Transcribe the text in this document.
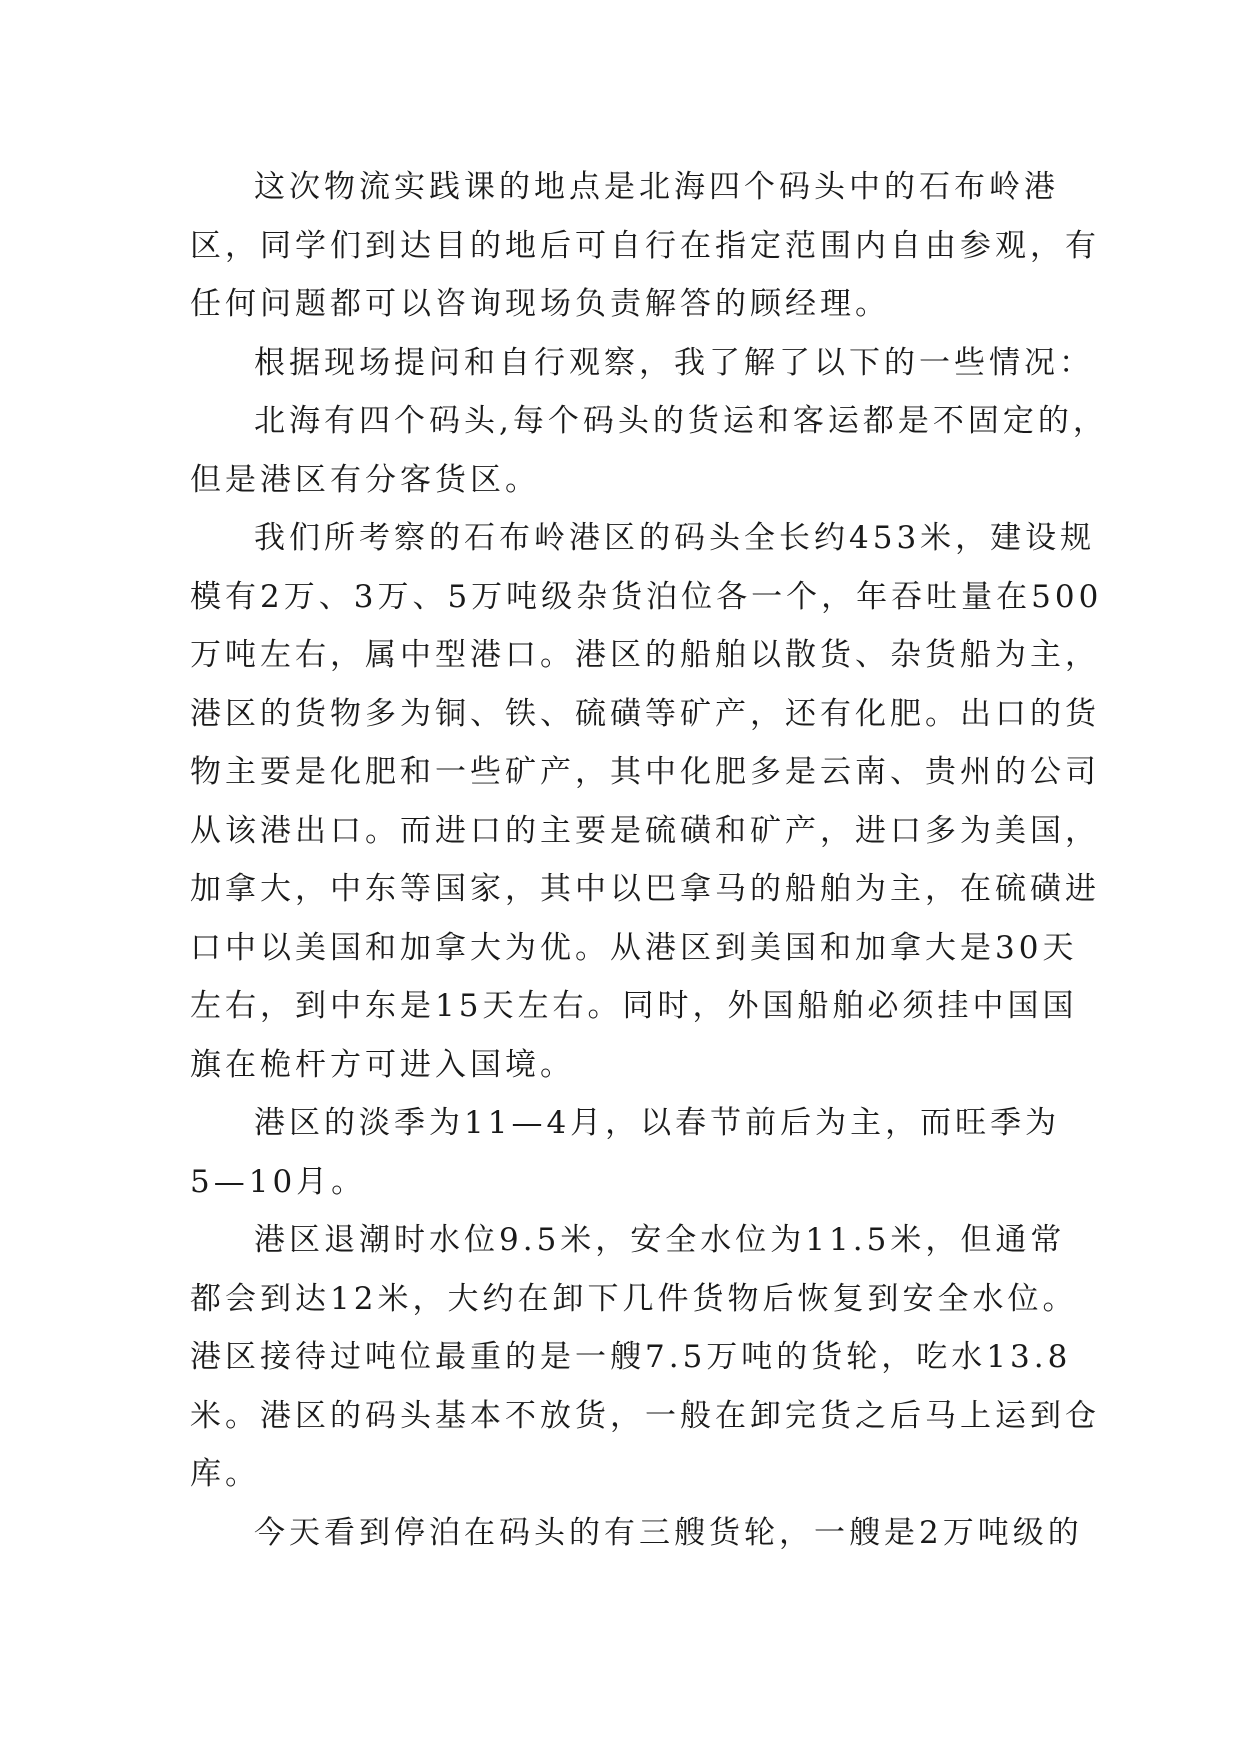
这次物流实践课的地点是北海四个码头中的石布岭港
区，同学们到达目的地后可自行在指定范围内自由参观，有
任何问题都可以咨询现场负责解答的顾经理。

根据现场提问和自行观察，我了解了以下的一些情况：

北海有四个码头,每个码头的货运和客运都是不固定的，
但是港区有分客货区。

我们所考察的石布岭港区的码头全长约453米，建设规
模有2万、3万、5万吨级杂货泊位各一个，年吞吐量在500
万吨左右，属中型港口。港区的船舶以散货、杂货船为主，
港区的货物多为铜、铁、硫磺等矿产，还有化肥。出口的货
物主要是化肥和一些矿产，其中化肥多是云南、贵州的公司
从该港出口。而进口的主要是硫磺和矿产，进口多为美国，
加拿大，中东等国家，其中以巴拿马的船舶为主，在硫磺进
口中以美国和加拿大为优。从港区到美国和加拿大是30天
左右，到中东是15天左右。同时，外国船舶必须挂中国国
旗在桅杆方可进入国境。

港区的淡季为11—4月，以春节前后为主，而旺季为
5—10月。

港区退潮时水位9.5米，安全水位为11.5米，但通常
都会到达12米，大约在卸下几件货物后恢复到安全水位。
港区接待过吨位最重的是一艘7.5万吨的货轮，吃水13.8
米。港区的码头基本不放货，一般在卸完货之后马上运到仓
库。

今天看到停泊在码头的有三艘货轮，一艘是2万吨级的
